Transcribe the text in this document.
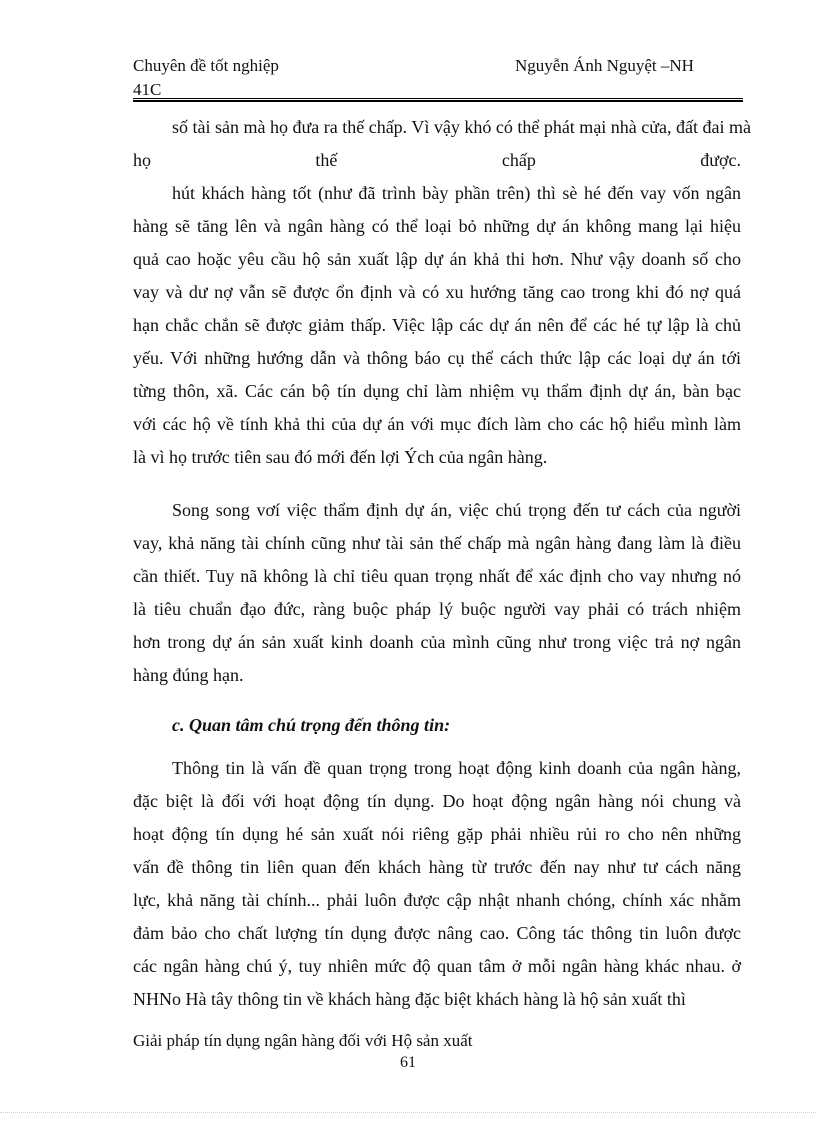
Chuyên đề tốt nghiệp
41C
Nguyễn Ánh Nguyệt –NH
số tài sản mà họ đưa ra thế chấp. Vì vậy khó có thể phát mại nhà cửa, đất đai mà
họ thế chấp được.
hút khách hàng tốt (như đã trình bày phần trên) thì sè hé đến vay vốn ngân
hàng sẽ tăng lên và ngân hàng có thể loại bỏ những dự án không mang lại hiệu
quả cao hoặc yêu cầu hộ sản xuất lập dự án khả thi hơn. Như vậy doanh số cho
vay và dư nợ vẫn sẽ được ổn định và có xu hướng tăng cao trong khi đó nợ quá
hạn chắc chắn sẽ được giảm thấp. Việc lập các dự án nên để các hé tự lập là chủ
yếu. Với những hướng dẫn và thông báo cụ thể cách thức lập các loại dự án tới
từng thôn, xã. Các cán bộ tín dụng chỉ làm nhiệm vụ thẩm định dự án, bàn bạc
với các hộ về tính khả thi của dự án với mục đích làm cho các hộ hiểu mình làm
là vì họ trước tiên sau đó mới đến lợi Ých của ngân hàng.
Song song vơí việc thẩm định dự án, việc chú trọng đến tư cách của người
vay, khả năng tài chính cũng như tài sản thế chấp mà ngân hàng đang làm là điều
cần thiết. Tuy nã không là chỉ tiêu quan trọng nhất để xác định cho vay nhưng nó
là tiêu chuẩn đạo đức, ràng buộc pháp lý buộc người vay phải có trách nhiệm
hơn trong dự án sản xuất kinh doanh của mình cũng như trong việc trả nợ ngân
hàng đúng hạn.
c. Quan tâm chú trọng đến thông tin:
Thông tin là vấn đề quan trọng trong hoạt động kinh doanh của ngân hàng,
đặc biệt là đối với hoạt động tín dụng. Do hoạt động ngân hàng nói chung và
hoạt động tín dụng hé sản xuất nói riêng gặp phải nhiều rủi ro cho nên những
vấn đề thông tin liên quan đến khách hàng từ trước đến nay như tư cách năng
lực, khả năng tài chính... phải luôn được cập nhật nhanh chóng, chính xác nhằm
đảm bảo cho chất lượng tín dụng được nâng cao. Công tác thông tin luôn được
các ngân hàng chú ý, tuy nhiên mức độ quan tâm ở mỗi ngân hàng khác nhau. ở
NHNo Hà tây thông tin về khách hàng đặc biệt khách hàng là hộ sản xuất thì
Giải pháp tín dụng ngân hàng đối với Hộ sản xuất
61
